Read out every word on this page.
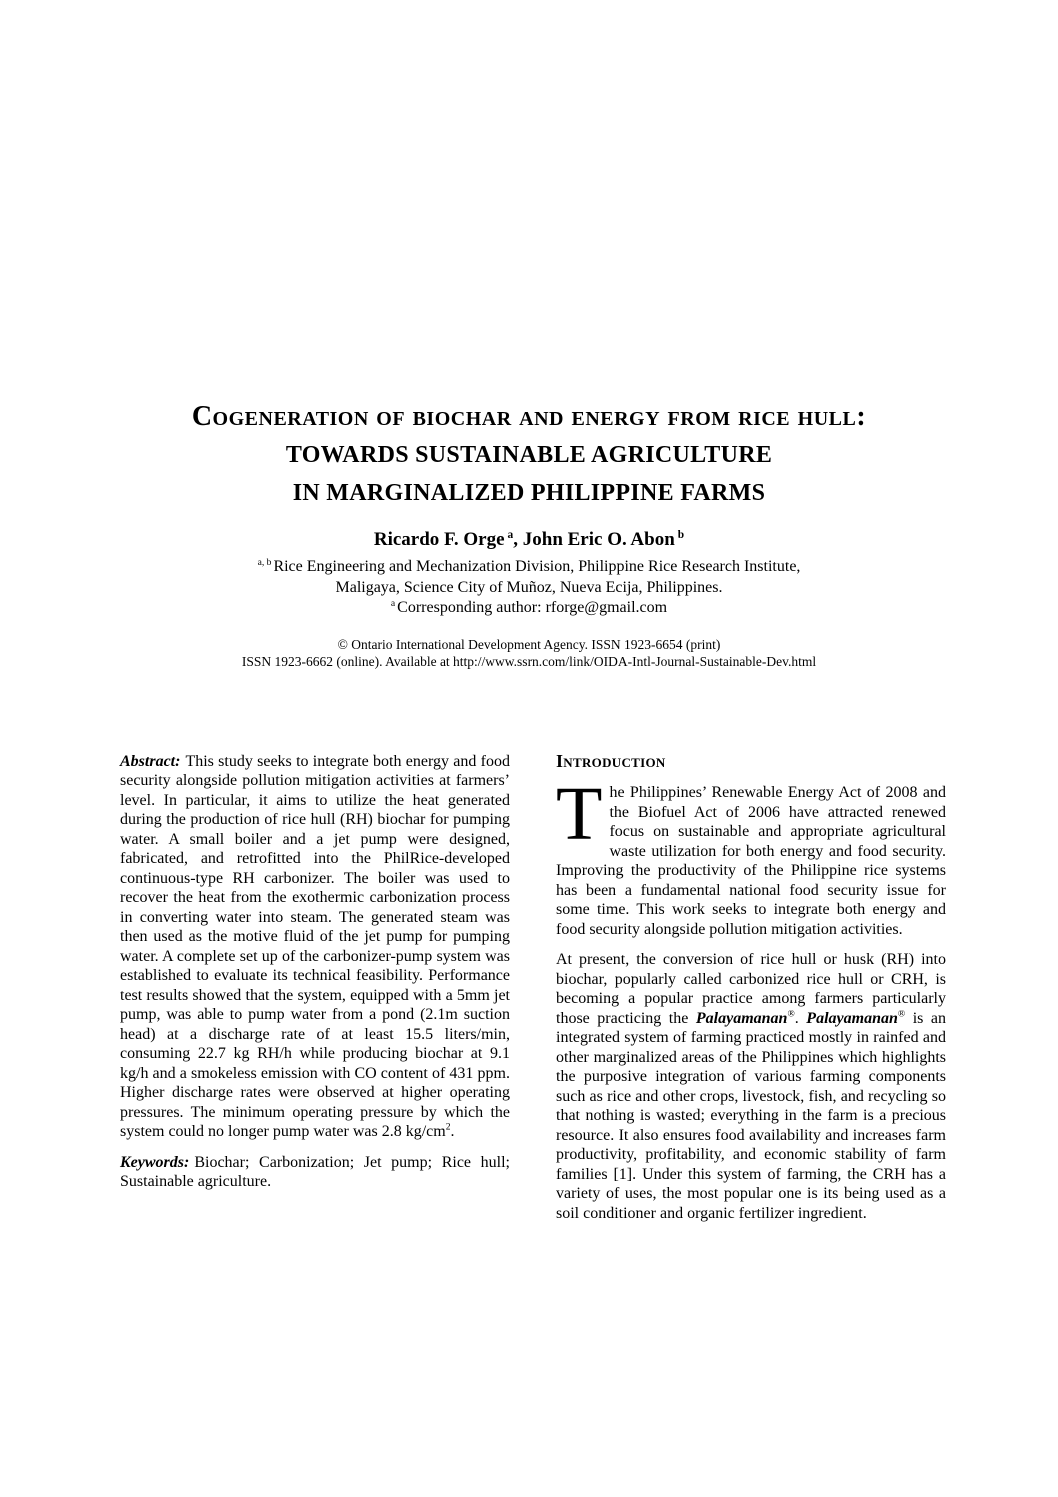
Cogeneration of biochar and energy from rice hull:
TOWARDS SUSTAINABLE AGRICULTURE
IN MARGINALIZED PHILIPPINE FARMS
Ricardo F. Orge $^a$, John Eric O. Abon $^b$
$^{a, b}$ Rice Engineering and Mechanization Division, Philippine Rice Research Institute,
Maligaya, Science City of Muñoz, Nueva Ecija, Philippines.
$^a$ Corresponding author: rforge@gmail.com
© Ontario International Development Agency. ISSN 1923-6654 (print)
ISSN 1923-6662 (online). Available at http://www.ssrn.com/link/OIDA-Intl-Journal-Sustainable-Dev.html

Abstract: This study seeks to integrate both energy and food security alongside pollution mitigation activities at farmers’ level. In particular, it aims to utilize the heat generated during the production of rice hull (RH) biochar for pumping water. A small boiler and a jet pump were designed, fabricated, and retrofitted into the PhilRice-developed continuous-type RH carbonizer. The boiler was used to recover the heat from the exothermic carbonization process in converting water into steam. The generated steam was then used as the motive fluid of the jet pump for pumping water. A complete set up of the carbonizer-pump system was established to evaluate its technical feasibility. Performance test results showed that the system, equipped with a 5mm jet pump, was able to pump water from a pond (2.1m suction head) at a discharge rate of at least 15.5 liters/min, consuming 22.7 kg RH/h while producing biochar at 9.1 kg/h and a smokeless emission with CO content of 431 ppm. Higher discharge rates were observed at higher operating pressures. The minimum operating pressure by which the system could no longer pump water was 2.8 $kg/cm^2$.

Keywords: Biochar; Carbonization; Jet pump; Rice hull; Sustainable agriculture.

Introduction

The Philippines’ Renewable Energy Act of 2008 and the Biofuel Act of 2006 have attracted renewed focus on sustainable and appropriate agricultural waste utilization for both energy and food security. Improving the productivity of the Philippine rice systems has been a fundamental national food security issue for some time. This work seeks to integrate both energy and food security alongside pollution mitigation activities.

At present, the conversion of rice hull or husk (RH) into biochar, popularly called carbonized rice hull or CRH, is becoming a popular practice among farmers particularly those practicing the Palayamanan®. Palayamanan® is an integrated system of farming practiced mostly in rainfed and other marginalized areas of the Philippines which highlights the purposive integration of various farming components such as rice and other crops, livestock, fish, and recycling so that nothing is wasted; everything in the farm is a precious resource. It also ensures food availability and increases farm productivity, profitability, and economic stability of farm families [1]. Under this system of farming, the CRH has a variety of uses, the most popular one is its being used as a soil conditioner and organic fertilizer ingredient.
